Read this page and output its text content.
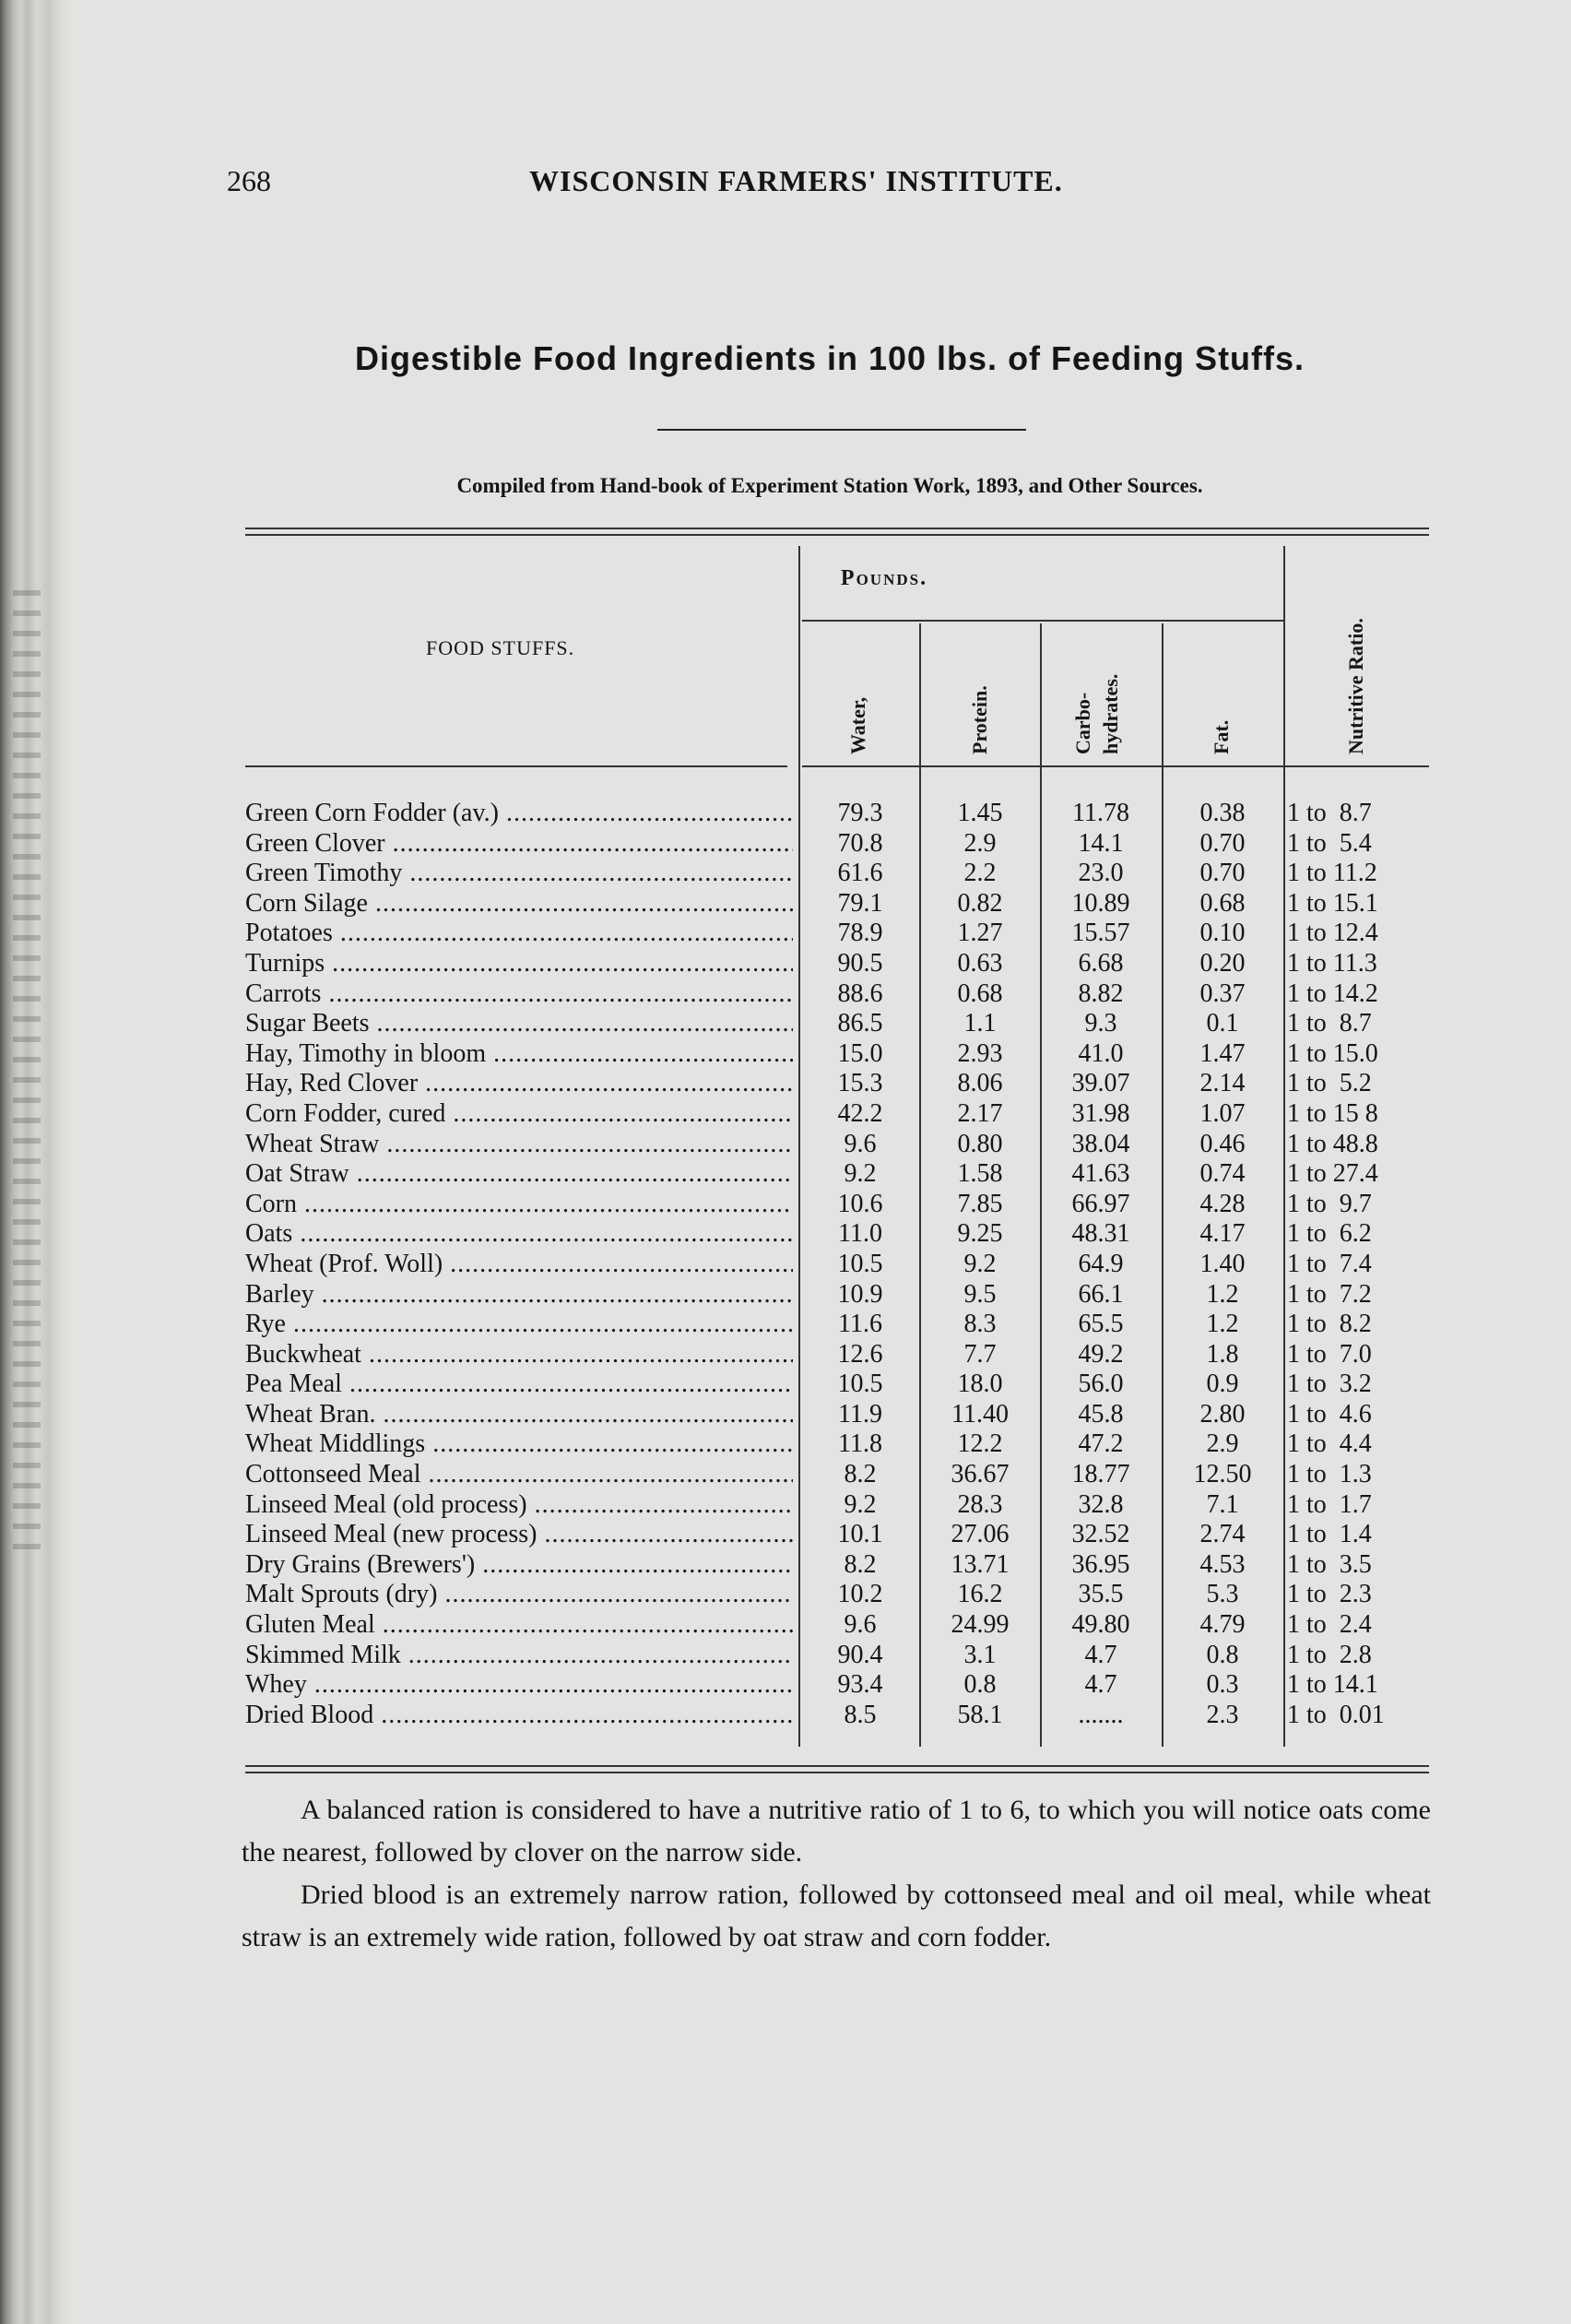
268	WISCONSIN FARMERS' INSTITUTE.
Digestible Food Ingredients in 100 lbs. of Feeding Stuffs.
Compiled from Hand-book of Experiment Station Work, 1893, and Other Sources.
FOOD STUFFS.
Pounds.
Water,	Protein.	Carbo- hydrates.	Fat.	Nutritive Ratio.
Green Corn Fodder (av.) .....	79.3	1.45	11.78	0.38	1 to  8.7
Green Clover .....	70.8	2.9	14.1	0.70	1 to  5.4
Green Timothy .....	61.6	2.2	23.0	0.70	1 to 11.2
Corn Silage .....	79.1	0.82	10.89	0.68	1 to 15.1
Potatoes .....	78.9	1.27	15.57	0.10	1 to 12.4
Turnips .....	90.5	0.63	6.68	0.20	1 to 11.3
Carrots .....	88.6	0.68	8.82	0.37	1 to 14.2
Sugar Beets .....	86.5	1.1	9.3	0.1	1 to  8.7
Hay, Timothy in bloom .....	15.0	2.93	41.0	1.47	1 to 15.0
Hay, Red Clover .....	15.3	8.06	39.07	2.14	1 to  5.2
Corn Fodder, cured .....	42.2	2.17	31.98	1.07	1 to 15 8
Wheat Straw .....	9.6	0.80	38.04	0.46	1 to 48.8
Oat Straw .....	9.2	1.58	41.63	0.74	1 to 27.4
Corn .....	10.6	7.85	66.97	4.28	1 to  9.7
Oats .....	11.0	9.25	48.31	4.17	1 to  6.2
Wheat (Prof. Woll) .....	10.5	9.2	64.9	1.40	1 to  7.4
Barley .....	10.9	9.5	66.1	1.2	1 to  7.2
Rye .....	11.6	8.3	65.5	1.2	1 to  8.2
Buckwheat .....	12.6	7.7	49.2	1.8	1 to  7.0
Pea Meal .....	10.5	18.0	56.0	0.9	1 to  3.2
Wheat Bran. .....	11.9	11.40	45.8	2.80	1 to  4.6
Wheat Middlings .....	11.8	12.2	47.2	2.9	1 to  4.4
Cottonseed Meal .....	8.2	36.67	18.77	12.50	1 to  1.3
Linseed Meal (old process) .....	9.2	28.3	32.8	7.1	1 to  1.7
Linseed Meal (new process) .....	10.1	27.06	32.52	2.74	1 to  1.4
Dry Grains (Brewers') .....	8.2	13.71	36.95	4.53	1 to  3.5
Malt Sprouts (dry) .....	10.2	16.2	35.5	5.3	1 to  2.3
Gluten Meal .....	9.6	24.99	49.80	4.79	1 to  2.4
Skimmed Milk .....	90.4	3.1	4.7	0.8	1 to  2.8
Whey .....	93.4	0.8	4.7	0.3	1 to 14.1
Dried Blood .....	8.5	58.1	.......	2.3	1 to  0.01

A balanced ration is considered to have a nutritive ratio of 1 to 6, to which you will notice oats come the nearest, followed by clover on the narrow side.

Dried blood is an extremely narrow ration, followed by cottonseed meal and oil meal, while wheat straw is an extremely wide ration, followed by oat straw and corn fodder.
